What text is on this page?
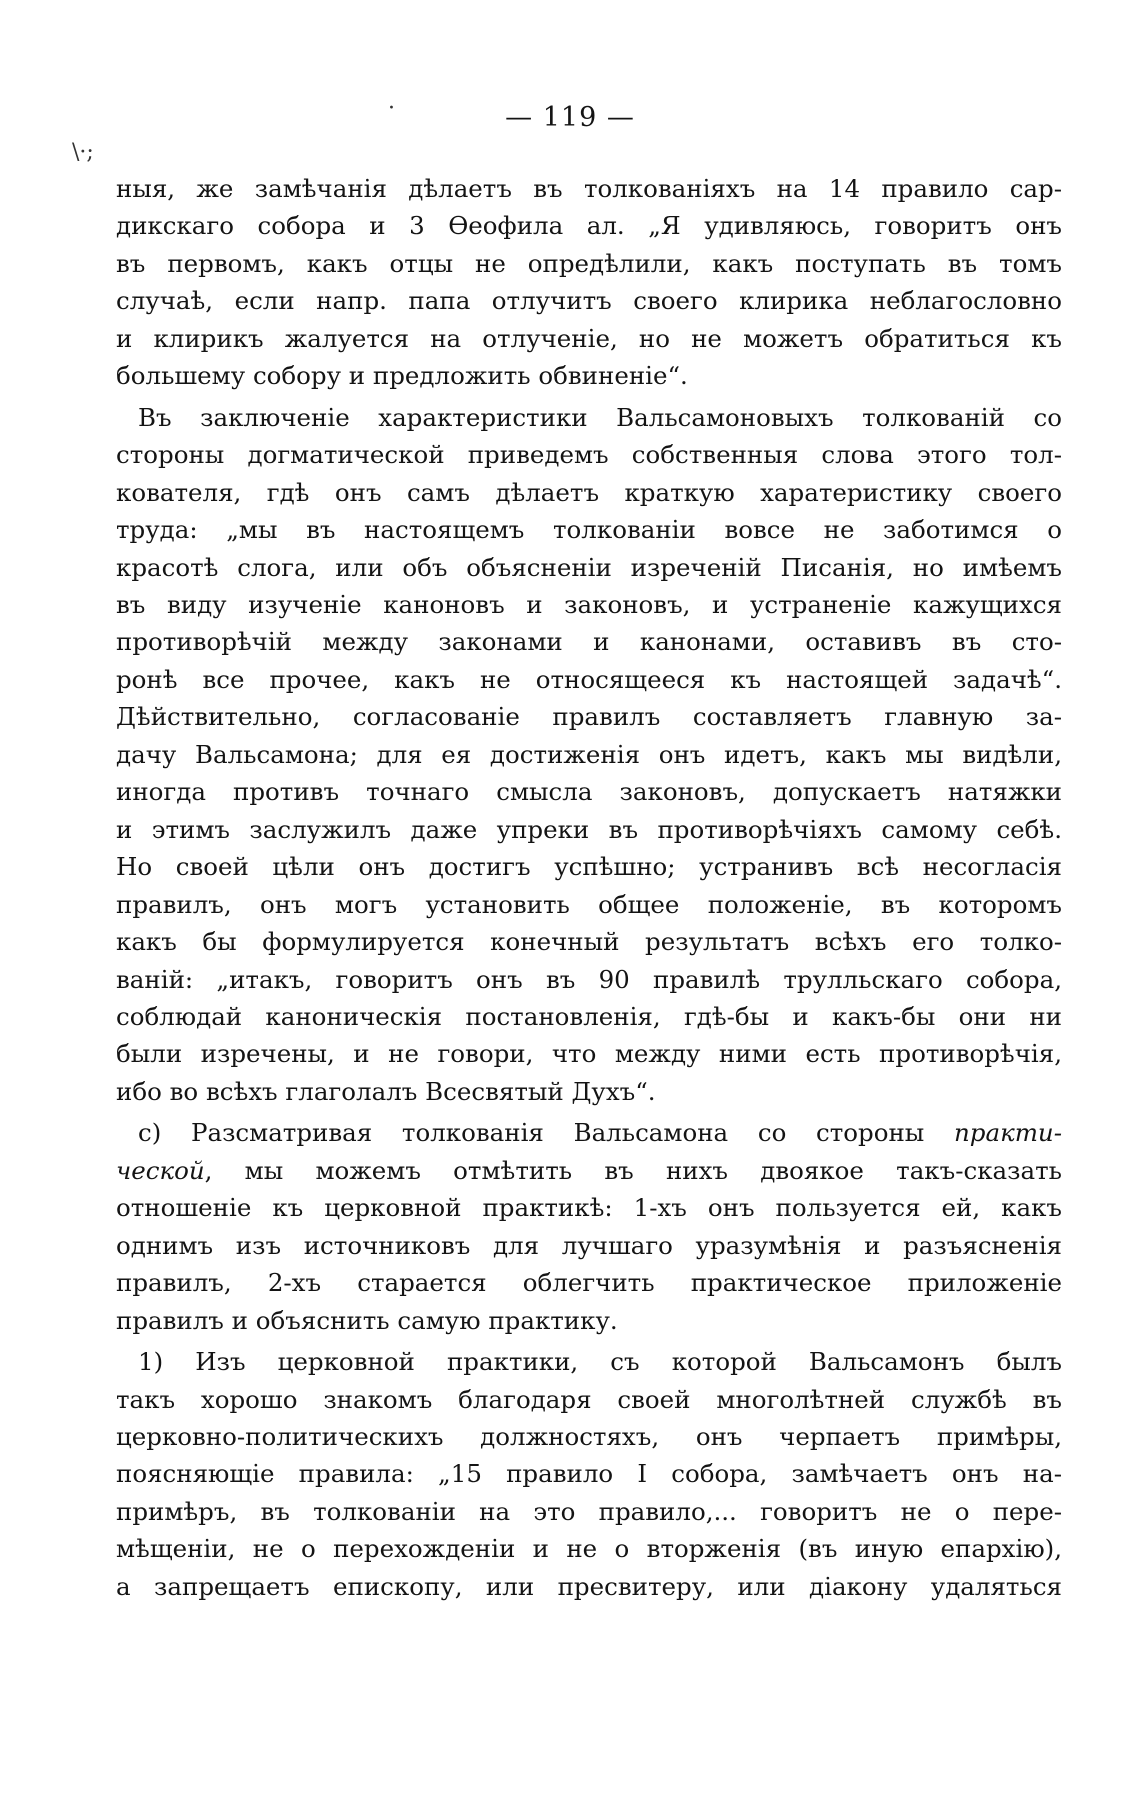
·	— 119 —
\·;
ныя, же замѣчанія дѣлаетъ въ толкованіяхъ на 14 правило сар-
дикскаго собора и 3 Ѳеофила ал. „Я удивляюсь, говоритъ онъ
въ первомъ, какъ отцы не опредѣлили, какъ поступать въ томъ
случаѣ, если напр. папа отлучитъ своего клирика неблагословно
и клирикъ жалуется на отлученіе, но не можетъ обратиться къ
большему собору и предложить обвиненіе“.
Въ заключеніе характеристики Вальсамоновыхъ толкованій со
стороны догматической приведемъ собственныя слова этого тол-
кователя, гдѣ онъ самъ дѣлаетъ краткую харатеристику своего
труда: „мы въ настоящемъ толкованіи вовсе не заботимся о
красотѣ слога, или объ объясненіи изреченій Писанія, но имѣемъ
въ виду изученіе каноновъ и законовъ, и устраненіе кажущихся
противорѣчій между законами и канонами, оставивъ въ сто-
ронѣ все прочее, какъ не относящееся къ настоящей задачѣ“.
Дѣйствительно, согласованіе правилъ составляетъ главную за-
дачу Вальсамона; для ея достиженія онъ идетъ, какъ мы видѣли,
иногда противъ точнаго смысла законовъ, допускаетъ натяжки
и этимъ заслужилъ даже упреки въ противорѣчіяхъ самому себѣ.
Но своей цѣли онъ достигъ успѣшно; устранивъ всѣ несогласія
правилъ, онъ могъ установить общее положеніе, въ которомъ
какъ бы формулируется конечный результатъ всѣхъ его толко-
ваній: „итакъ, говоритъ онъ въ 90 правилѣ трулльскаго собора,
соблюдай каноническія постановленія, гдѣ-бы и какъ-бы они ни
были изречены, и не говори, что между ними есть противорѣчія,
ибо во всѣхъ глаголалъ Всесвятый Духъ“.
c) Разсматривая толкованія Вальсамона со стороны практи-
ческой, мы можемъ отмѣтить въ нихъ двоякое такъ-сказать
отношеніе къ церковной практикѣ: 1-хъ онъ пользуется ей, какъ
однимъ изъ источниковъ для лучшаго уразумѣнія и разъясненія
правилъ, 2-хъ старается облегчить практическое приложеніе
правилъ и объяснить самую практику.
1) Изъ церковной практики, съ которой Вальсамонъ былъ
такъ хорошо знакомъ благодаря своей многолѣтней службѣ въ
церковно-политическихъ должностяхъ, онъ черпаетъ примѣры,
поясняющіе правила: „15 правило I собора, замѣчаетъ онъ на-
примѣръ, въ толкованіи на это правило,... говоритъ не о пере-
мѣщеніи, не о перехожденіи и не о вторженія (въ иную епархію),
а запрещаетъ епископу, или пресвитеру, или діакону удаляться
